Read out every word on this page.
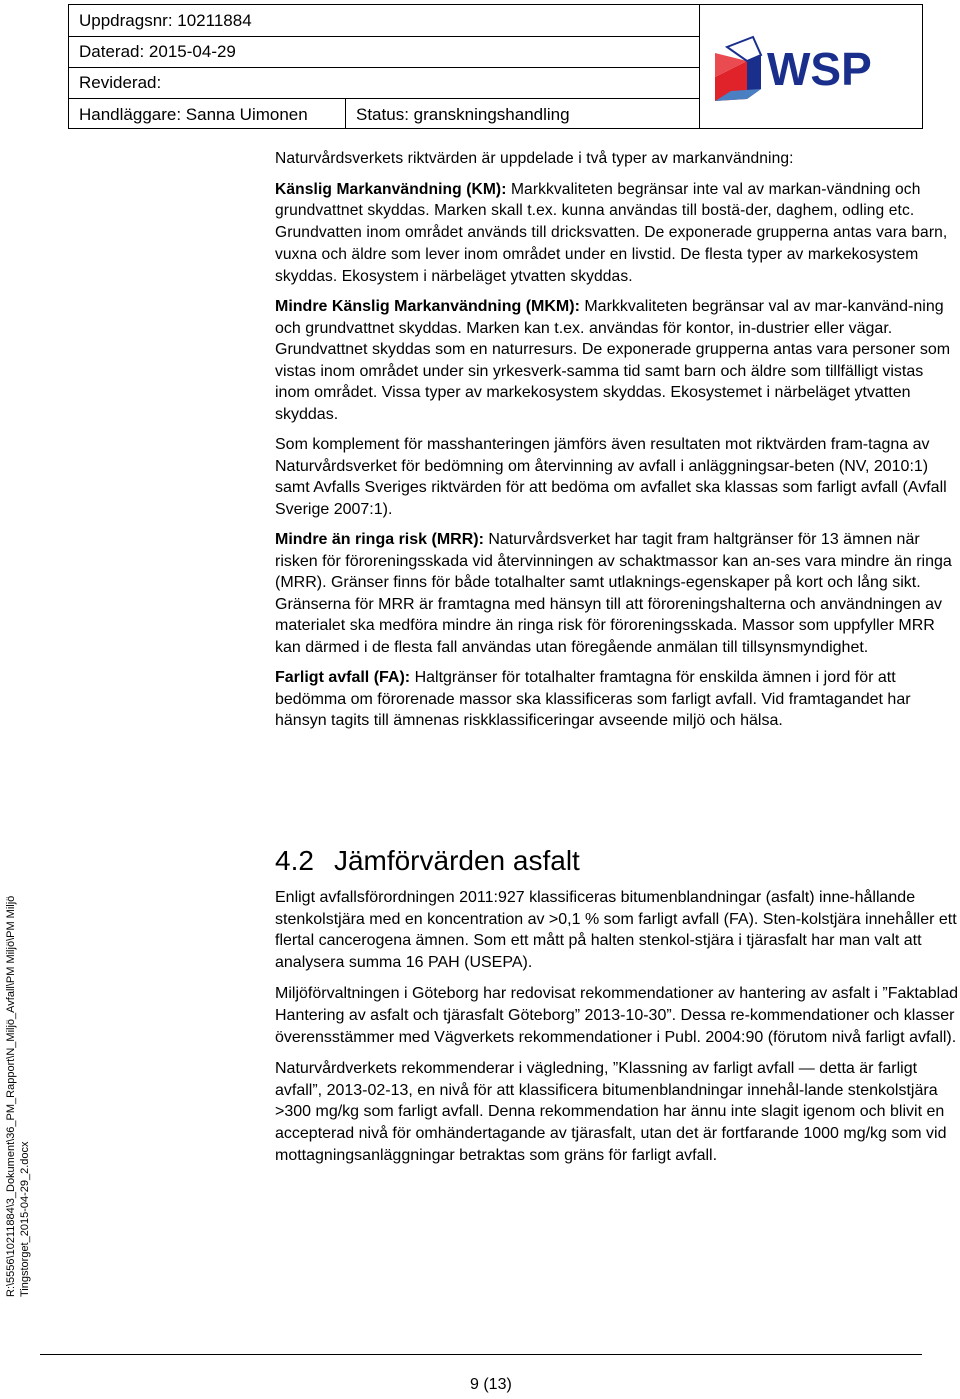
Uppdragsnr: 10211884
Daterad: 2015-04-29
Reviderad:
Handläggare: Sanna Uimonen	Status: granskningshandling
WSP

Naturvårdsverkets riktvärden är uppdelade i två typer av markanvändning:

Känslig Markanvändning (KM): Markkvaliteten begränsar inte val av markan-vändning och grundvattnet skyddas. Marken skall t.ex. kunna användas till bostä-der, daghem, odling etc. Grundvatten inom området används till dricksvatten. De exponerade grupperna antas vara barn, vuxna och äldre som lever inom området under en livstid. De flesta typer av markekosystem skyddas. Ekosystem i närbeläget ytvatten skyddas.

Mindre Känslig Markanvändning (MKM): Markkvaliteten begränsar val av mar-kanvänd-ning och grundvattnet skyddas. Marken kan t.ex. användas för kontor, in-dustrier eller vägar. Grundvattnet skyddas som en naturresurs. De exponerade grupperna antas vara personer som vistas inom området under sin yrkesverk-samma tid samt barn och äldre som tillfälligt vistas inom området. Vissa typer av markekosystem skyddas. Ekosystemet i närbeläget ytvatten skyddas.

Som komplement för masshanteringen jämförs även resultaten mot riktvärden fram-tagna av Naturvårdsverket för bedömning om återvinning av avfall i anläggningsar-beten (NV, 2010:1) samt Avfalls Sveriges riktvärden för att bedöma om avfallet ska klassas som farligt avfall (Avfall Sverige 2007:1).

Mindre än ringa risk (MRR): Naturvårdsverket har tagit fram haltgränser för 13 ämnen när risken för föroreningsskada vid återvinningen av schaktmassor kan an-ses vara mindre än ringa (MRR). Gränser finns för både totalhalter samt utlaknings-egenskaper på kort och lång sikt. Gränserna för MRR är framtagna med hänsyn till att föroreningshalterna och användningen av materialet ska medföra mindre än ringa risk för föroreningsskada. Massor som uppfyller MRR kan därmed i de flesta fall användas utan föregående anmälan till tillsynsmyndighet.

Farligt avfall (FA): Haltgränser för totalhalter framtagna för enskilda ämnen i jord för att bedömma om förorenade massor ska klassificeras som farligt avfall. Vid framtagandet har hänsyn tagits till ämnenas riskklassificeringar avseende miljö och hälsa.

4.2 Jämförvärden asfalt

Enligt avfallsförordningen 2011:927 klassificeras bitumenblandningar (asfalt) inne-hållande stenkolstjära med en koncentration av >0,1 % som farligt avfall (FA). Sten-kolstjära innehåller ett flertal cancerogena ämnen. Som ett mått på halten stenkol-stjära i tjärasfalt har man valt att analysera summa 16 PAH (USEPA).

Miljöförvaltningen i Göteborg har redovisat rekommendationer av hantering av asfalt i ”Faktablad Hantering av asfalt och tjärasfalt Göteborg” 2013-10-30”. Dessa re-kommendationer och klasser överensstämmer med Vägverkets rekommendationer i Publ. 2004:90 (förutom nivå farligt avfall).

Naturvårdverkets rekommenderar i vägledning, ”Klassning av farligt avfall — detta är farligt avfall”, 2013-02-13, en nivå för att klassificera bitumenblandningar innehål-lande stenkolstjära >300 mg/kg som farligt avfall. Denna rekommendation har ännu inte slagit igenom och blivit en accepterad nivå för omhändertagande av tjärasfalt, utan det är fortfarande 1000 mg/kg som vid mottagningsanläggningar betraktas som gräns för farligt avfall.

R:\5556\10211884\3_Dokument\36_PM_Rapport\N_Miljö_Avfall\PM Miljö\PM Miljö Tingstorget_2015-04-29_2.docx
9 (13)
